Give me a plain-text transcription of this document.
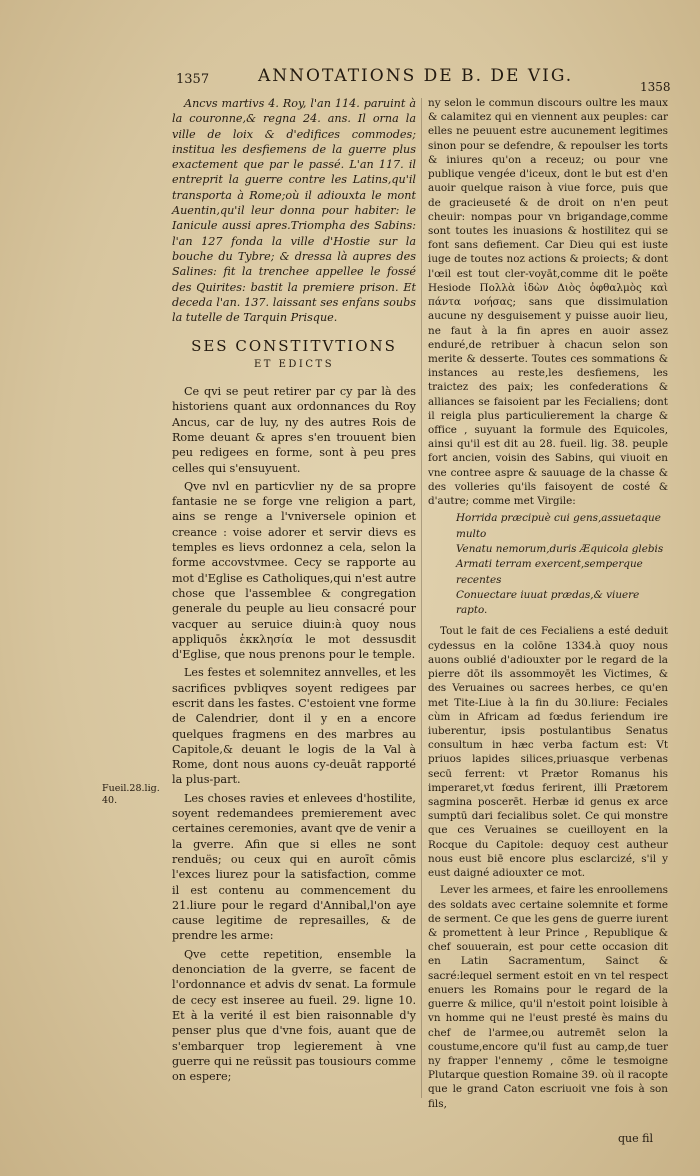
1357	ANNOTATIONS DE B. DE VIG.
1358

Ancvs martivs 4. Roy, l'an 114. paruint à la couronne,& regna 24. ans. Il orna la ville de loix & d'edifices commodes; institua les desfiemens de la guerre plus exactement que par le passé. L'an 117. il entreprit la guerre contre les Latins,qu'il transporta à Rome;où il adiouxta le mont Auentin,qu'il leur donna pour habiter: le Ianicule aussi apres.Triompha des Sabins: l'an 127 fonda la ville d'Hostie sur la bouche du Tybre; & dressa là aupres des Salines: fit la trenchee appellee le fossé des Quirites: bastit la premiere prison. Et deceda l'an. 137. laissant ses enfans soubs la tutelle de Tarquin Prisque.

SES CONSTITVTIONS
ET EDICTS

Ce qvi se peut retirer par cy par là des historiens quant aux ordonnances du Roy Ancus, car de luy, ny des autres Rois de Rome deuant & apres s'en trouuent bien peu redigees en forme, sont à peu pres celles qui s'ensuyuent.

Qve nvl en particvlier ny de sa propre fantasie ne se forge vne religion a part, ains se renge a l'vniversele opinion et creance : voise adorer et servir dievs es temples es lievs ordonnez a cela, selon la forme accovstvmee. Cecy se rapporte au mot d'Eglise es Catholiques,qui n'est autre chose que l'assemblee & congregation generale du peuple au lieu consacré pour vacquer au seruice diuin:à quoy nous appliquōs ἐκκλησία le mot dessusdit d'Eglise, que nous prenons pour le temple.

Les festes et solemnitez annvelles, et les sacrifices pvbliqves soyent redigees par escrit dans les fastes. C'estoient vne forme de Calendrier, dont il y en a encore quelques fragmens en des marbres au Capitole,& deuant le logis de la Val à Rome, dont nous auons cy-deuāt rapporté la plus-part.

Les choses ravies et enlevees d'hostilite, soyent redemandees premierement avec certaines ceremonies, avant qve de venir a la gverre. Afin que si elles ne sont renduës; ou ceux qui en auroīt cōmis l'exces liurez pour la satisfaction, comme il est contenu au commencement du 21.liure pour le regard d'Annibal,l'on aye cause legitime de represailles, & de prendre les arme:

Qve cette repetition, ensemble la denonciation de la gverre, se facent de l'ordonnance et advis dv senat. La formule de cecy est inseree au fueil. 29. ligne 10. Et à la verité il est bien raisonnable d'y penser plus que d'vne fois, auant que de s'embarquer trop legierement à vne guerre qui ne reüssit pas tousiours comme on espere;

Fueil.28.lig. 40.

ny selon le commun discours oultre les maux & calamitez qui en viennent aux peuples: car elles ne peuuent estre aucunement legitimes sinon pour se defendre, & repoulser les torts & iniures qu'on a receuz; ou pour vne publique vengée d'iceux, dont le but est d'en auoir quelque raison à viue force, puis que de gracieuseté & de droit on n'en peut cheuir: nompas pour vn brigandage,comme sont toutes les inuasions & hostilitez qui se font sans defiement. Car Dieu qui est iuste iuge de toutes noz actions & proiects; & dont l'œil est tout cler-voyāt,comme dit le poëte Hesiode Πολλὰ ἰδὼν Διὸς ὀφθαλμὸς καὶ πάντα νοήσας; sans que dissimulation aucune ny desguisement y puisse auoir lieu, ne faut à la fin apres en auoir assez enduré,de retribuer à chacun selon son merite & desserte. Toutes ces sommations & instances au reste,les desfiemens, les traictez des paix; les confederations & alliances se faisoient par les Fecialiens; dont il reigla plus particulierement la charge & office , suyuant la formule des Equicoles, ainsi qu'il est dit au 28. fueil. lig. 38. peuple fort ancien, voisin des Sabins, qui viuoit en vne contree aspre & sauuage de la chasse & des volleries qu'ils faisoyent de costé & d'autre; comme met Virgile:

Horrida præcipuè cui gens,assuetaque multo
Venatu nemorum,duris Æquicola glebis
Armati terram exercent,semperque recentes
Conuectare iuuat prædas,& viuere rapto.

Tout le fait de ces Fecialiens a esté deduit cydessus en la colōne 1334.à quoy nous auons oublié d'adiouxter por le regard de la pierre dōt ils assommoyēt les Victimes, & des Veruaines ou sacrees herbes, ce qu'en met Tite-Liue à la fin du 30.liure: Feciales cùm in Africam ad fœdus feriendum ire iuberentur, ipsis postulantibus Senatus consultum in hæc verba factum est: Vt priuos lapides silices,priuasque verbenas secū ferrent: vt Prætor Romanus his imperaret,vt fœdus ferirent, illi Prætorem sagmina poscerēt. Herbæ id genus ex arce sumptū dari fecialibus solet. Ce qui monstre que ces Veruaines se cueilloyent en la Rocque du Capitole: dequoy cest autheur nous eust biē encore plus esclarcizé, s'il y eust daigné adiouxter ce mot.

Lever les armees, et faire les enroollemens des soldats avec certaine solemnite et forme de serment. Ce que les gens de guerre iurent & promettent à leur Prince , Republique & chef souuerain, est pour cette occasion dit en Latin Sacramentum, Sainct & sacré:lequel serment estoit en vn tel respect enuers les Romains pour le regard de la guerre & milice, qu'il n'estoit point loisible à vn homme qui ne l'eust presté ès mains du chef de l'armee,ou autremēt selon la coustume,encore qu'il fust au camp,de tuer ny frapper l'ennemy , cōme le tesmoigne Plutarque question Romaine 39. où il racopte que le grand Caton escriuoit vne fois à son fils,

que fil
